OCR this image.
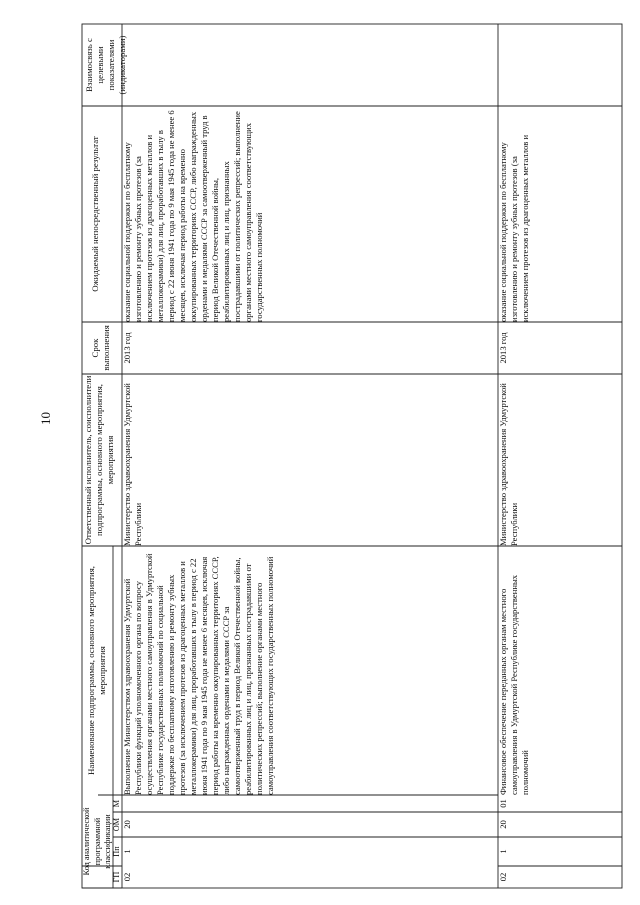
10
Код аналитической программной классификации
ГП
Пп
ОМ
М
Наименование подпрограммы, основного мероприятия, мероприятия
Ответственный исполнитель, соисполнители подпрограммы, основного мероприятия, мероприятия
Срок выполнения
Ожидаемый непосредственный результат
Взаимосвязь с целевыми показателями (индикаторами)
02
1
20
Выполнение Министерством здравоохранения Удмуртской Республики функций уполномоченного органа по вопросу осуществления органами местного самоуправления в Удмуртской Республике государственных полномочий по социальной поддержке по бесплатному изготовлению и ремонту зубных протезов (за исключением протезов из драгоценных металлов и металлокерамики) для лиц, проработавших в тылу в период с 22 июня 1941 года по 9 мая 1945 года не менее 6 месяцев, исключая период работы на временно оккупированных территориях СССР, либо награжденных орденами и медалями СССР за самоотверженный труд в период Великой Отечественной войны, реабилитированных лиц и лиц, признанных пострадавшими от политических репрессий; выполнение органами местного самоуправления соответствующих государственных полномочий
Министерство здравоохранения Удмуртской Республики
2013 год
оказание социальной поддержки по бесплатному изготовлению и ремонту зубных протезов (за исключением протезов из драгоценных металлов и металлокерамики) для лиц, проработавших в тылу в период с 22 июня 1941 года по 9 мая 1945 года не менее 6 месяцев, исключая период работы на временно оккупированных территориях СССР, либо награжденных орденами и медалями СССР за самоотверженный труд в период Великой Отечественной войны, реабилитированных лиц и лиц, признанных пострадавшими от политических репрессий; выполнение органами местного самоуправления соответствующих государственных полномочий
02
1
20
01
Финансовое обеспечение переданных органам местного самоуправления в Удмуртской Республике государственных полномочий
Министерство здравоохранения Удмуртской Республики
2013 год
оказание социальной поддержки по бесплатному изготовлению и ремонту зубных протезов (за исключением протезов из драгоценных металлов и
